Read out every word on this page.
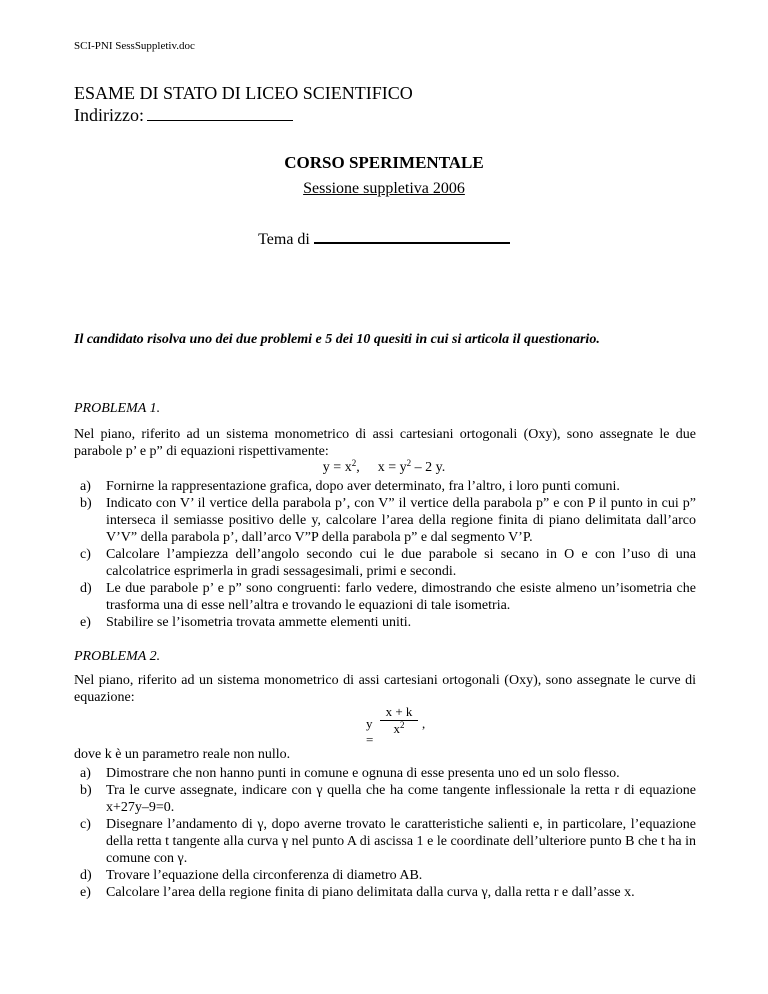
SCI-PNI SessSuppletiv.doc
ESAME DI STATO DI LICEO SCIENTIFICO
Indirizzo:
CORSO SPERIMENTALE
Sessione suppletiva 2006
Tema di
Il candidato risolva uno dei due problemi e 5 dei 10 quesiti in cui si articola il questionario.
PROBLEMA 1.
Nel piano, riferito ad un sistema monometrico di assi cartesiani ortogonali (Oxy), sono assegnate le due parabole p’ e p” di equazioni rispettivamente:
$y = x^2$, $x = y^2 - 2$ y.
a) Fornirne la rappresentazione grafica, dopo aver determinato, fra l’altro, i loro punti comuni.
b) Indicato con V’ il vertice della parabola p’, con V” il vertice della parabola p” e con P il punto in cui p” interseca il semiasse positivo delle y, calcolare l’area della regione finita di piano delimitata dall’arco V’V” della parabola p’, dall’arco V”P della parabola p” e dal segmento V’P.
c) Calcolare l’ampiezza dell’angolo secondo cui le due parabole si secano in O e con l’uso di una calcolatrice esprimerla in gradi sessagesimali, primi e secondi.
d) Le due parabole p’ e p” sono congruenti: farlo vedere, dimostrando che esiste almeno un’isometria che trasforma una di esse nell’altra e trovando le equazioni di tale isometria.
e) Stabilire se l’isometria trovata ammette elementi uniti.
PROBLEMA 2.
Nel piano, riferito ad un sistema monometrico di assi cartesiani ortogonali (Oxy), sono assegnate le curve di equazione:
y =
$\frac{x + k}{x^2}$ ,
dove k è un parametro reale non nullo.
a) Dimostrare che non hanno punti in comune e ognuna di esse presenta uno ed un solo flesso.
b) Tra le curve assegnate, indicare con γ quella che ha come tangente inflessionale la retta r di equazione x+27y–9=0.
c) Disegnare l’andamento di γ, dopo averne trovato le caratteristiche salienti e, in particolare, l’equazione della retta t tangente alla curva γ nel punto A di ascissa 1 e le coordinate dell’ulteriore punto B che t ha in comune con γ.
d) Trovare l’equazione della circonferenza di diametro AB.
e) Calcolare l’area della regione finita di piano delimitata dalla curva γ, dalla retta r e dall’asse x.
